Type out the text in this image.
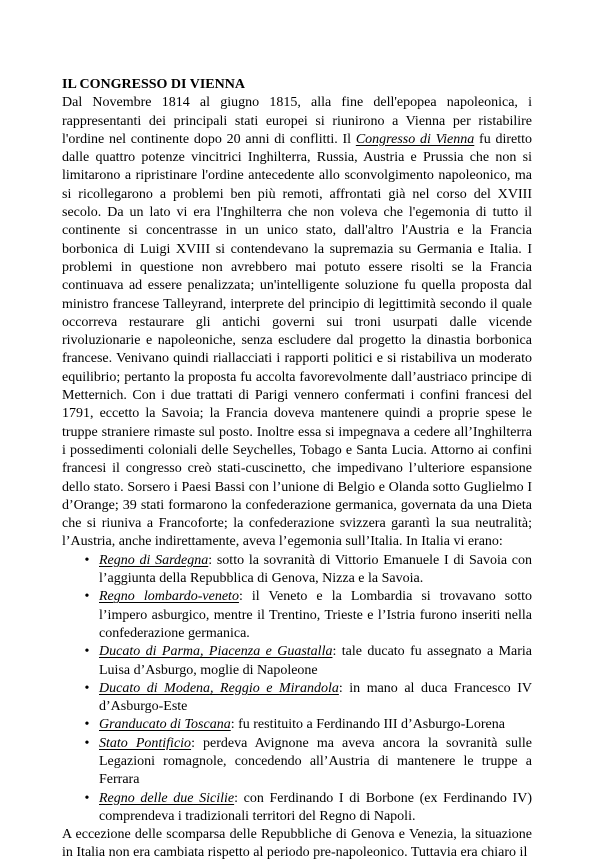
IL CONGRESSO DI VIENNA

Dal Novembre 1814 al giugno 1815, alla fine dell'epopea napoleonica, i rappresentanti dei principali stati europei si riunirono a Vienna per ristabilire l'ordine nel continente dopo 20 anni di conflitti. Il Congresso di Vienna fu diretto dalle quattro potenze vincitrici Inghilterra, Russia, Austria e Prussia che non si limitarono a ripristinare l'ordine antecedente allo sconvolgimento napoleonico, ma si ricollegarono a problemi ben più remoti, affrontati già nel corso del XVIII secolo. Da un lato vi era l'Inghilterra che non voleva che l'egemonia di tutto il continente si concentrasse in un unico stato, dall'altro l'Austria e la Francia borbonica di Luigi XVIII si contendevano la supremazia su Germania e Italia. I problemi in questione non avrebbero mai potuto essere risolti se la Francia continuava ad essere penalizzata; un'intelligente soluzione fu quella proposta dal ministro francese Talleyrand, interprete del principio di legittimità secondo il quale occorreva restaurare gli antichi governi sui troni usurpati dalle vicende rivoluzionarie e napoleoniche, senza escludere dal progetto la dinastia borbonica francese. Venivano quindi riallacciati i rapporti politici e si ristabiliva un moderato equilibrio; pertanto la proposta fu accolta favorevolmente dall’austriaco principe di Metternich. Con i due trattati di Parigi vennero confermati i confini francesi del 1791, eccetto la Savoia; la Francia doveva mantenere quindi a proprie spese le truppe straniere rimaste sul posto. Inoltre essa si impegnava a cedere all’Inghilterra i possedimenti coloniali delle Seychelles, Tobago e Santa Lucia. Attorno ai confini francesi il congresso creò stati-cuscinetto, che impedivano l’ulteriore espansione dello stato. Sorsero i Paesi Bassi con l’unione di Belgio e Olanda sotto Guglielmo I d’Orange; 39 stati formarono la confederazione germanica, governata da una Dieta che si riuniva a Francoforte; la confederazione svizzera garantì la sua neutralità; l’Austria, anche indirettamente, aveva l’egemonia sull’Italia. In Italia vi erano:

• Regno di Sardegna: sotto la sovranità di Vittorio Emanuele I di Savoia con l’aggiunta della Repubblica di Genova, Nizza e la Savoia.
• Regno lombardo-veneto: il Veneto e la Lombardia si trovavano sotto l’impero asburgico, mentre il Trentino, Trieste e l’Istria furono inseriti nella confederazione germanica.
• Ducato di Parma, Piacenza e Guastalla: tale ducato fu assegnato a Maria Luisa d’Asburgo, moglie di Napoleone
• Ducato di Modena, Reggio e Mirandola: in mano al duca Francesco IV d’Asburgo-Este
• Granducato di Toscana: fu restituito a Ferdinando III d’Asburgo-Lorena
• Stato Pontificio: perdeva Avignone ma aveva ancora la sovranità sulle Legazioni romagnole, concedendo all’Austria di mantenere le truppe a Ferrara
• Regno delle due Sicilie: con Ferdinando I di Borbone (ex Ferdinando IV) comprendeva i tradizionali territori del Regno di Napoli.

A eccezione delle scomparsa delle Repubbliche di Genova e Venezia, la situazione in Italia non era cambiata rispetto al periodo pre-napoleonico. Tuttavia era chiaro il
